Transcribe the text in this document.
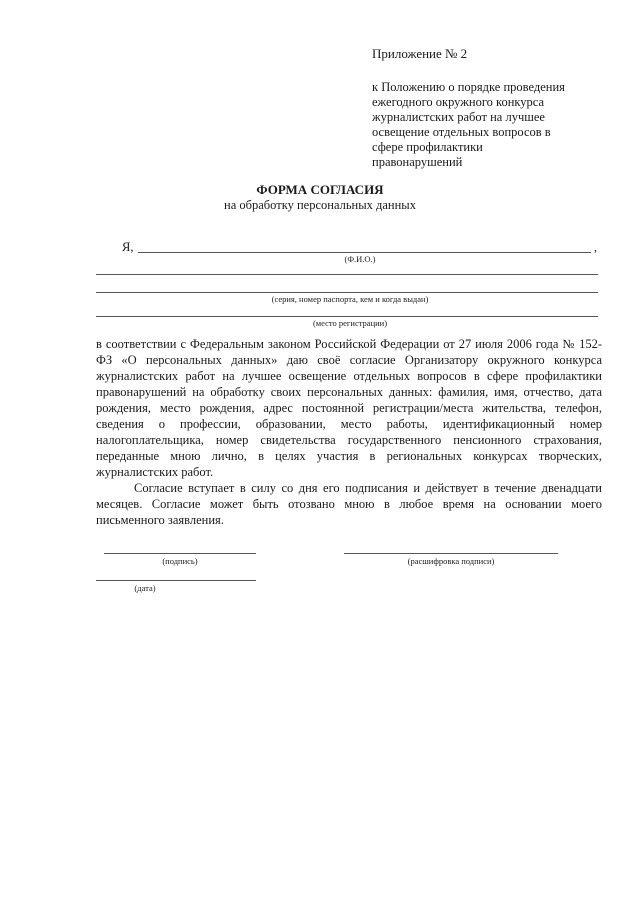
Приложение № 2
к Положению о порядке проведения
ежегодного окружного конкурса
журналистских работ на лучшее
освещение отдельных вопросов в
сфере профилактики
правонарушений
ФОРМА СОГЛАСИЯ
на обработку персональных данных
Я,	,
(Ф.И.О.)
(серия, номер паспорта, кем и когда выдан)
(место регистрации)

в соответствии с Федеральным законом Российской Федерации от 27 июля 2006 года № 152-ФЗ «О персональных данных» даю своё согласие Организатору окружного конкурса журналистских работ на лучшее освещение отдельных вопросов в сфере профилактики правонарушений на обработку своих персональных данных: фамилия, имя, отчество, дата рождения, место рождения, адрес постоянной регистрации/места жительства, телефон, сведения о профессии, образовании, место работы, идентификационный номер налогоплательщика, номер свидетельства государственного пенсионного страхования, переданные мною лично, в целях участия в региональных конкурсах творческих, журналистских работ.

Согласие вступает в силу со дня его подписания и действует в течение двенадцати месяцев. Согласие может быть отозвано мною в любое время на основании моего письменного заявления.

(подпись)	(расшифровка подписи)
(дата)
